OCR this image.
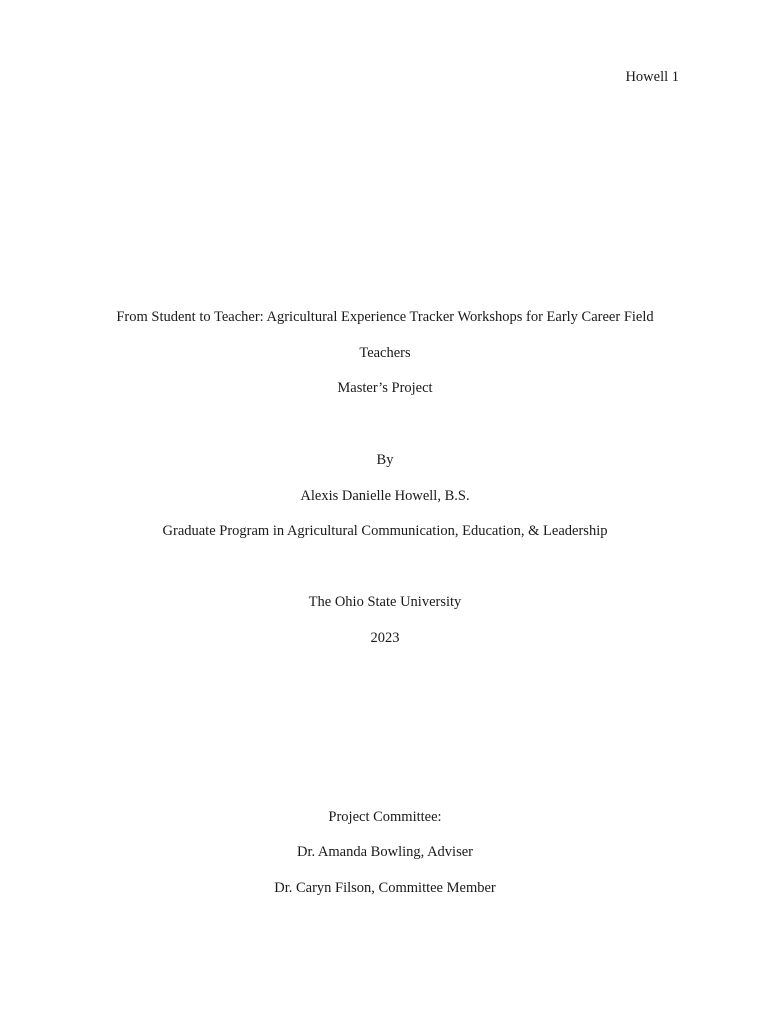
Howell 1
From Student to Teacher: Agricultural Experience Tracker Workshops for Early Career Field
Teachers
Master’s Project
By
Alexis Danielle Howell, B.S.
Graduate Program in Agricultural Communication, Education, & Leadership
The Ohio State University
2023
Project Committee:
Dr. Amanda Bowling, Adviser
Dr. Caryn Filson, Committee Member
